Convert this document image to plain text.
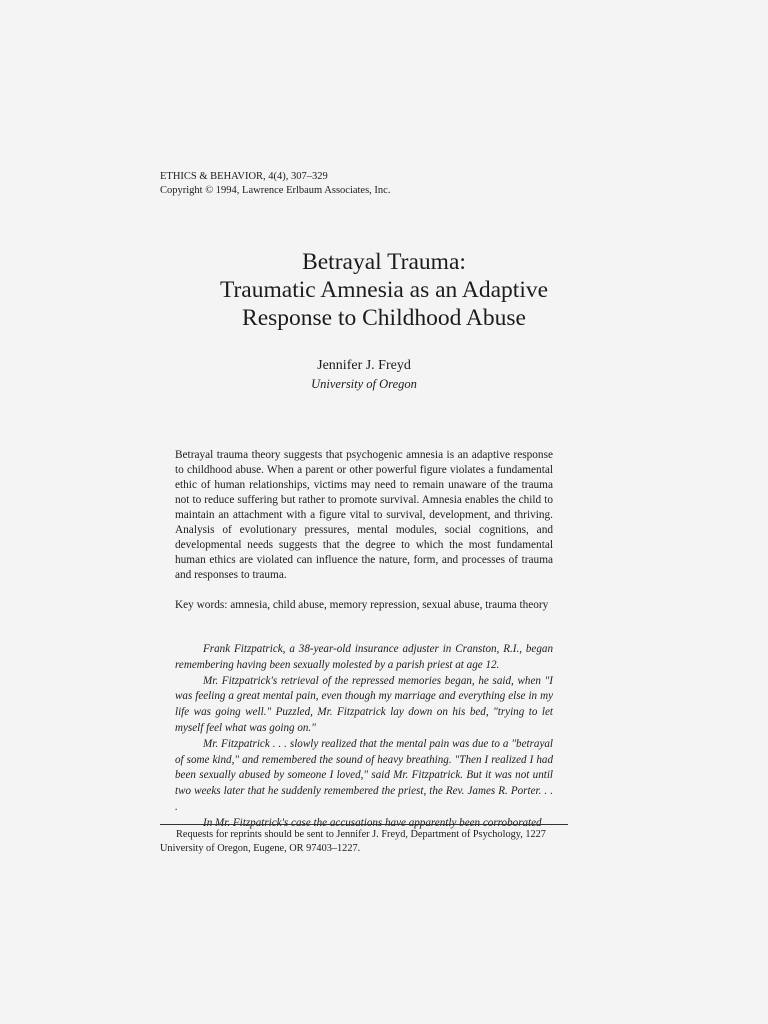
ETHICS & BEHAVIOR, 4(4), 307–329
Copyright © 1994, Lawrence Erlbaum Associates, Inc.
Betrayal Trauma:
Traumatic Amnesia as an Adaptive
Response to Childhood Abuse
Jennifer J. Freyd
University of Oregon
Betrayal trauma theory suggests that psychogenic amnesia is an adaptive response to childhood abuse. When a parent or other powerful figure violates a fundamental ethic of human relationships, victims may need to remain unaware of the trauma not to reduce suffering but rather to promote survival. Amnesia enables the child to maintain an attachment with a figure vital to survival, development, and thriving. Analysis of evolutionary pressures, mental modules, social cognitions, and developmental needs suggests that the degree to which the most fundamental human ethics are violated can influence the nature, form, and processes of trauma and responses to trauma.
Key words: amnesia, child abuse, memory repression, sexual abuse, trauma theory
Frank Fitzpatrick, a 38-year-old insurance adjuster in Cranston, R.I., began remembering having been sexually molested by a parish priest at age 12.
Mr. Fitzpatrick's retrieval of the repressed memories began, he said, when "I was feeling a great mental pain, even though my marriage and everything else in my life was going well." Puzzled, Mr. Fitzpatrick lay down on his bed, "trying to let myself feel what was going on."
Mr. Fitzpatrick . . . slowly realized that the mental pain was due to a "betrayal of some kind," and remembered the sound of heavy breathing. "Then I realized I had been sexually abused by someone I loved," said Mr. Fitzpatrick. But it was not until two weeks later that he suddenly remembered the priest, the Rev. James R. Porter. . . .
In Mr. Fitzpatrick's case the accusations have apparently been corroborated
Requests for reprints should be sent to Jennifer J. Freyd, Department of Psychology, 1227 University of Oregon, Eugene, OR 97403–1227.
